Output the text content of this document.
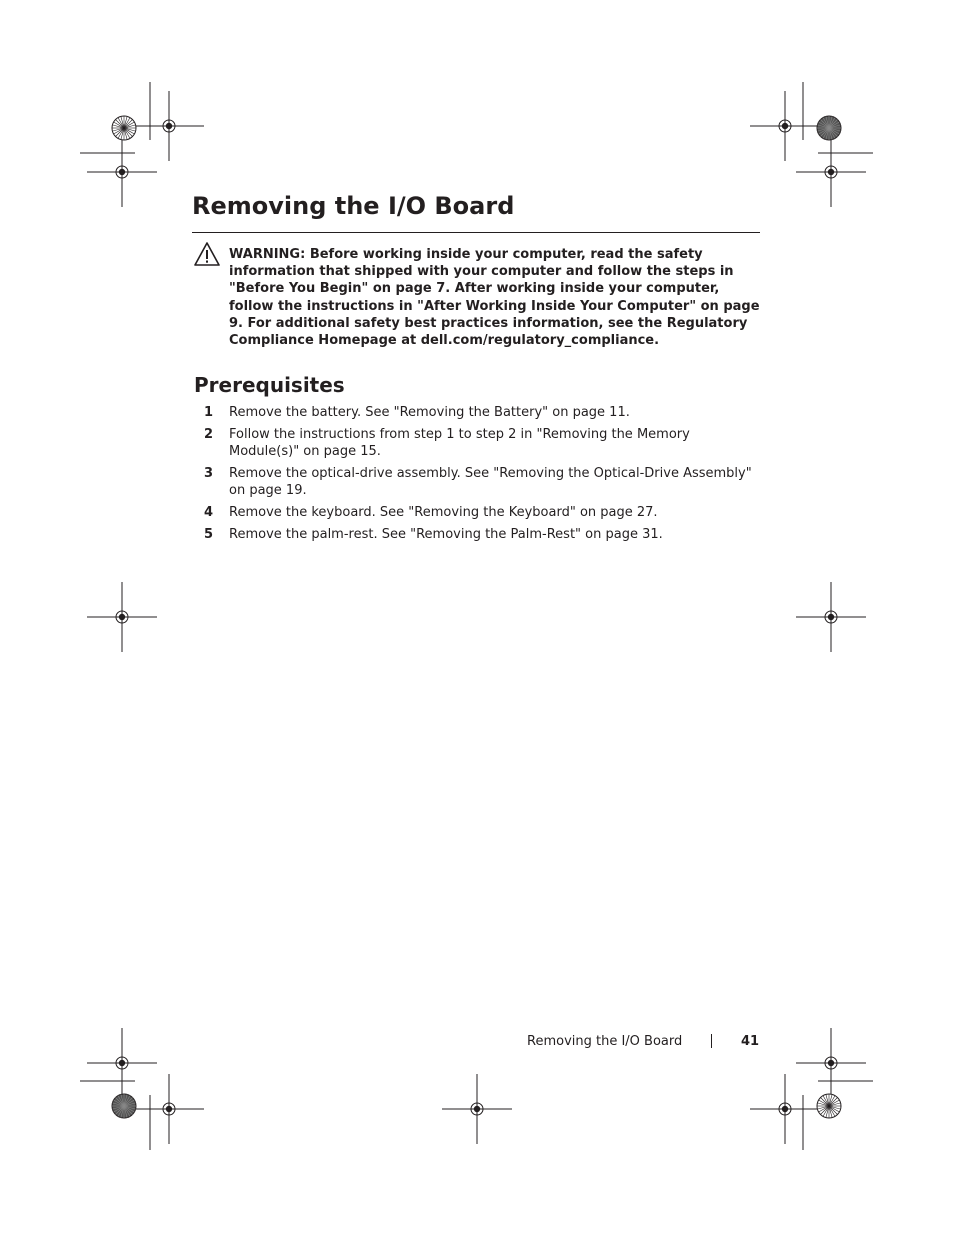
Removing the I/O Board
WARNING: Before working inside your computer, read the safety information that shipped with your computer and follow the steps in "Before You Begin" on page 7. After working inside your computer, follow the instructions in "After Working Inside Your Computer" on page 9. For additional safety best practices information, see the Regulatory Compliance Homepage at dell.com/regulatory_compliance.
Prerequisites
1 Remove the battery. See "Removing the Battery" on page 11.
2 Follow the instructions from step 1 to step 2 in "Removing the Memory Module(s)" on page 15.
3 Remove the optical-drive assembly. See "Removing the Optical-Drive Assembly" on page 19.
4 Remove the keyboard. See "Removing the Keyboard" on page 27.
5 Remove the palm-rest. See "Removing the Palm-Rest" on page 31.
Removing the I/O Board	41
